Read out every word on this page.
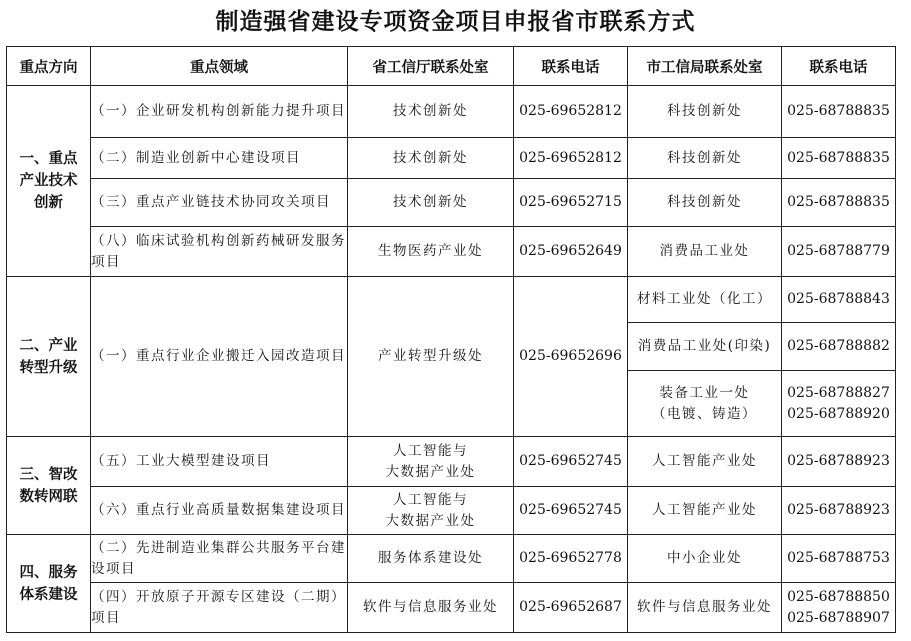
制造强省建设专项资金项目申报省市联系方式
重点方向	重点领域	省工信厅联系处室	联系电话	市工信局联系处室	联系电话

一、重点
产业技术
创新	（一）企业研发机构创新能力提升项目	技术创新处	025-69652812	科技创新处	025-68788835
	（二）制造业创新中心建设项目	技术创新处	025-69652812	科技创新处	025-68788835
	（三）重点产业链技术协同攻关项目	技术创新处	025-69652715	科技创新处	025-68788835
	（八）临床试验机构创新药械研发服务项目	生物医药产业处	025-69652649	消费品工业处	025-68788779

二、产业
转型升级	（一）重点行业企业搬迁入园改造项目	产业转型升级处	025-69652696	材料工业处（化工）	025-68788843
				消费品工业处(印染)	025-68788882

				装备工业一处
（电镀、铸造）	025-68788827
025-68788920

三、智改
数转网联	（五）工业大模型建设项目	人工智能与
大数据产业处	025-69652745	人工智能产业处	025-68788923
	（六）重点行业高质量数据集建设项目	人工智能与
大数据产业处	025-69652745	人工智能产业处	025-68788923

四、服务
体系建设	（二）先进制造业集群公共服务平台建设项目	服务体系建设处	025-69652778	中小企业处	025-68788753
	（四）开放原子开源专区建设（二期）项目	软件与信息服务业处	025-69652687	软件与信息服务业处	025-68788850
025-68788907
